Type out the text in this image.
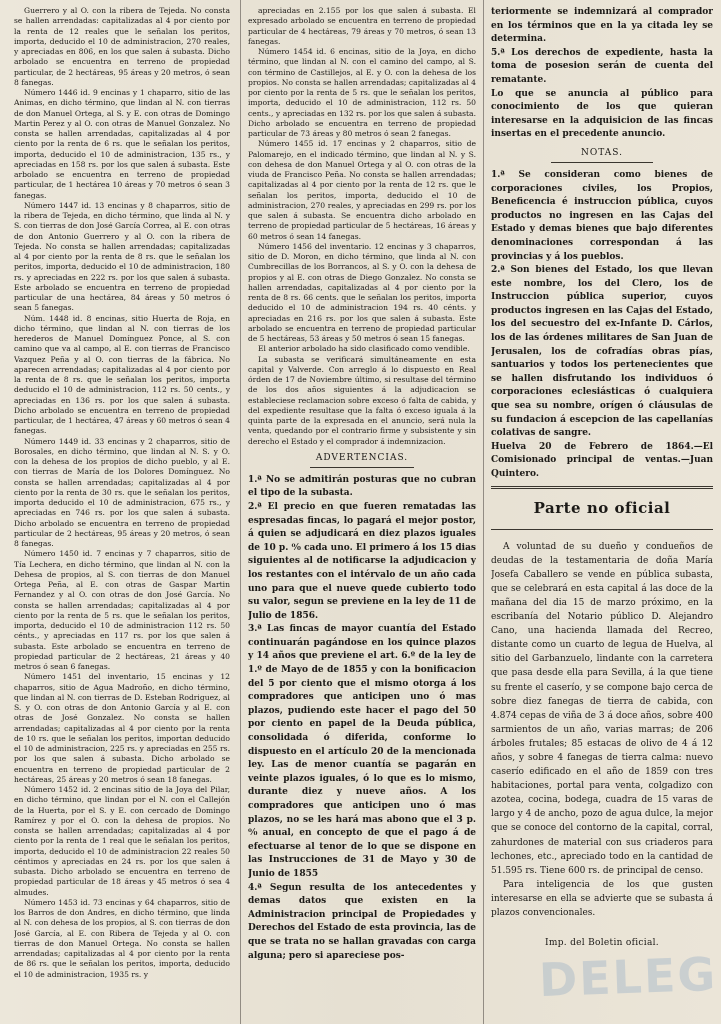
Guerrero y al O. con la ribera de Tejeda. No consta se hallen arrendadas: capitalizadas al 4 por ciento por la renta de 12 reales que le señalan los peritos, importa, deducido el 10 de administracion, 270 reales, y apreciadas en 806, en los que salen á subasta. Dicho arbolado se encuentra en terreno de propiedad particular, de 2 hectáreas, 95 áreas y 20 metros, ó sean 8 fanegas.

Número 1446 id. 9 encinas y 1 chaparro, sitio de las Animas, en dicho término, que lindan al N. con tierras de don Manuel Ortega, al S. y E. con otras de Domingo Martin Perez y al O. con otras de Manuel Gonzalez. No consta se hallen arrendadas, capitalizadas al 4 por ciento por la renta de 6 rs. que le señalan los peritos, importa, deducido el 10 de administracion, 135 rs., y apreciadas en 158 rs. por los que salen á subasta. Este arbolado se encuentra en terreno de propiedad particular, de 1 hectárea 10 áreas y 70 metros ó sean 3 fanegas.

Número 1447 id. 13 encinas y 8 chaparros, sitio de la ribera de Tejeda, en dicho término, que linda al N. y S. con tierras de don José García Correa, al E. con otras de don Antonio Guerrero y al O. con la ribera de Tejeda. No consta se hallen arrendadas; capitalizadas al 4 por ciento por la renta de 8 rs. que le señalan los peritos, importa, deducido el 10 de administracion, 180 rs. y apreciadas en 222 rs. por los que salen á subasta. Este arbolado se encuentra en terreno de propiedad particular de una hectárea, 84 áreas y 50 metros ó sean 5 fanegas.

Núm. 1448 id. 8 encinas, sitio Huerta de Roja, en dicho término, que lindan al N. con tierras de los herederos de Manuel Domínguez Ponce, al S. con camino que va al campo, al E. con tierras de Francisco Vazquez Peña y al O. con tierras de la fábrica. No aparecen arrendadas; capitalizadas al 4 por ciento por la renta de 8 rs. que le señalan los peritos, importa deducido el 10 de administracion, 112 rs. 50 cents., y apreciadas en 136 rs. por los que salen á subasta. Dicho arbolado se encuentra en terreno de propiedad particular, de 1 hectárea, 47 áreas y 60 metros ó sean 4 fanegas.

Número 1449 id. 33 encinas y 2 chaparros, sitio de Borosales, en dicho término, que lindan al N. S. y O. con la dehesa de los propios de dicho pueblo, y al E. con tierras de María de los Dolores Domínguez. No consta se hallen arrendadas; capitalizadas al 4 por ciento por la renta de 30 rs. que le señalan los peritos, importa deducido el 10 de administracion, 675 rs., y apreciadas en 746 rs. por los que salen á subasta. Dicho arbolado se encuentra en terreno de propiedad particular de 2 hectáreas, 95 áreas y 20 metros, ó sean 8 fanegas.

Número 1450 id. 7 encinas y 7 chaparros, sitio de Tía Lechera, en dicho término, que lindan al N. con la Dehesa de propios, al S. con tierras de don Manuel Ortega Peña, al E. con otras de Gaspar Martin Fernandez y al O. con otras de don José García. No consta se hallen arrendadas; capitalizadas al 4 por ciento por la renta de 5 rs. que le señalan los peritos, importa, deducido el 10 de administracion 112 rs. 50 cénts., y apreciadas en 117 rs. por los que salen á subasta. Este arbolado se encuentra en terreno de propiedad particular de 2 hectáreas, 21 áreas y 40 metros ó sean 6 fanegas.

Número 1451 del inventario, 15 encinas y 12 chaparros, sitio de Agua Madroño, en dicho término, que lindan al N. con tierras de D. Esteban Rodriguez, al S. y O. con otras de don Antonio García y al E. con otras de José Gonzalez. No consta se hallen arrendadas; capitalizadas al 4 por ciento por la renta de 10 rs. que le señalan los peritos, importan deducido el 10 de administracion, 225 rs. y apreciadas en 255 rs. por los que salen á subasta. Dicho arbolado se encuentra en terreno de propiedad particular de 2 hectáreas, 25 áreas y 20 metros ó sean 18 fanegas.

Número 1452 id. 2 encinas sitio de la Joya del Pilar, en dicho término, que lindan por el N. con el Callejón de la Huerta, por el S. y E. con cercado de Domingo Ramírez y por el O. con la dehesa de propios. No consta se hallen arrendadas; capitalizadas al 4 por ciento por la renta de 1 real que le señalan los peritos, importa, deducido el 10 de administracion 22 reales 50 céntimos y apreciadas en 24 rs. por los que salen á subasta. Dicho arbolado se encuentra en terreno de propiedad particular de 18 áreas y 45 metros ó sea 4 almudes.

Número 1453 id. 73 encinas y 64 chaparros, sitio de los Barros de don Andres, en dicho término, que linda al N. con dehesa de los propios, al S. con tierras de don José García, al E. con Ribera de Tejeda y al O. con tierras de don Manuel Ortega. No consta se hallen arrendadas; capitalizadas al 4 por ciento por la renta de 86 rs. que le señalan los peritos, importa, deducido el 10 de administracion, 1935 rs. y

apreciadas en 2.155 por los que salen á subasta. El expresado arbolado se encuentra en terreno de propiedad particular de 4 hectáreas, 79 áreas y 70 metros, ó sean 13 fanegas.

Número 1454 id. 6 encinas, sitio de la Joya, en dicho término, que lindan al N. con el camino del campo, al S. con término de Castillejos, al E. y O. con la dehesa de los propios. No consta se hallen arrendadas; capitalizadas al 4 por ciento por la renta de 5 rs. que le señalan los peritos, importa, deducido el 10 de administracion, 112 rs. 50 cents., y apreciadas en 132 rs. por los que salen á subasta. Dicho arbolado se encuentra en terreno de propiedad particular de 73 áreas y 80 metros ó sean 2 fanegas.

Número 1455 id. 17 encinas y 2 chaparros, sitio de Palomarejo, en el indicado término, que lindan al N. y S. con dehesa de don Manuel Ortega y al O. con otras de la viuda de Francisco Peña. No consta se hallen arrendadas; capitalizadas al 4 por ciento por la renta de 12 rs. que le señalan los peritos, importa, deducido el 10 de administracion, 270 reales, y apreciadas en 299 rs. por los que salen á subasta. Se encuentra dicho arbolado en terreno de propiedad particular de 5 hectáreas, 16 áreas y 60 metros ó sean 14 fanegas.

Número 1456 del inventario. 12 encinas y 3 chaparros, sitio de D. Moron, en dicho término, que linda al N. con Cumbrecillas de los Borrancos, al S. y O. con la dehesa de propios y al E. con otras de Diego Gonzalez. No consta se hallen arrendadas, capitalizadas al 4 por ciento por la renta de 8 rs. 66 cents. que le señalan los peritos, importa deducido el 10 de administracion 194 rs. 40 cénts. y apreciadas en 216 rs. por los que salen á subasta. Este arbolado se encuentra en terreno de propiedad particular de 5 hectáreas, 53 áreas y 50 metros ó sean 15 fanegas.

El anterior arbolado ha sido clasificado como vendible.

La subasta se verificará simultáneamente en esta capital y Valverde. Con arreglo á lo dispuesto en Real órden de 17 de Noviembre último, si resultase del término de los dos años siguientes á la adjudicacion se estableciese reclamacion sobre exceso ó falta de cabida, y del expediente resultase que la falta ó exceso iguala á la quinta parte de la expresada en el anuncio, será nula la venta, quedando por el contrario firme y subsistente y sin derecho el Estado y el comprador á indemnizacion.

ADVERTENCIAS.

1.ª No se admitirán posturas que no cubran el tipo de la subasta.

2.ª El precio en que fueren rematadas las espresadas fincas, lo pagará el mejor postor, á quien se adjudicará en diez plazos iguales de 10 p. ⁰⁄₀ cada uno. El primero á los 15 dias siguientes al de notificarse la adjudicacion y los restantes con el intérvalo de un año cada uno para que el nueve quede cubierto todo su valor, segun se previene en la ley de 11 de Julio de 1856.

3.ª Las fincas de mayor cuantía del Estado continuarán pagándose en los quince plazos y 14 años que previene el art. 6.º de la ley de 1.º de Mayo de de 1855 y con la bonificacion del 5 por ciento que el mismo otorga á los compradores que anticipen uno ó mas plazos, pudiendo este hacer el pago del 50 por ciento en papel de la Deuda pública, consolidada ó diferida, conforme lo dispuesto en el artículo 20 de la mencionada ley. Las de menor cuantía se pagarán en veinte plazos iguales, ó lo que es lo mismo, durante diez y nueve años. A los compradores que anticipen uno ó mas plazos, no se les hará mas abono que el 3 p. ⁰⁄₀ anual, en concepto de que el pago á de efectuarse al tenor de lo que se dispone en las Instrucciones de 31 de Mayo y 30 de Junio de 1855

4.ª Segun resulta de los antecedentes y demas datos que existen en la Administracion principal de Propiedades y Derechos del Estado de esta provincia, las de que se trata no se hallan gravadas con carga alguna; pero si apareciese pos-

teriormente se indemnizará al comprador en los términos que en la ya citada ley se determina.

5.ª Los derechos de expediente, hasta la toma de posesion serán de cuenta del rematante.

Lo que se anuncia al público para conocimiento de los que quieran interesarse en la adquisicion de las fincas insertas en el precedente anuncio.

NOTAS.

1.ª Se consideran como bienes de corporaciones civiles, los Propios, Beneficencia é instruccion pública, cuyos productos no ingresen en las Cajas del Estado y demas bienes que bajo diferentes denominaciones correspondan á las provincias y á los pueblos.

2.ª Son bienes del Estado, los que llevan este nombre, los del Clero, los de Instruccion pública superior, cuyos productos ingresen en las Cajas del Estado, los del secuestro del ex-Infante D. Cárlos, los de las órdenes militares de San Juan de Jerusalen, los de cofradías obras pías, santuarios y todos los pertenecientes que se hallen disfrutando los individuos ó corporaciones eclesiásticas ó cualquiera que sea su nombre, orígen ó cláusulas de su fundacion á escepcion de las capellanías colativas de sangre.

Huelva 20 de Febrero de 1864.—El Comisionado principal de ventas.—Juan Quintero.

Parte no oficial

A voluntad de su dueño y condueños de deudas de la testamentaria de doña María Josefa Caballero se vende en pública subasta, que se celebrará en esta capital á las doce de la mañana del dia 15 de marzo próximo, en la escribanía del Notario público D. Alejandro Cano, una hacienda llamada del Recreo, distante como un cuarto de legua de Huelva, al sitio del Garbanzuelo, lindante con la carretera que pasa desde ella para Sevilla, á la que tiene su frente el caserío, y se compone bajo cerca de sobre diez fanegas de tierra de cabida, con 4.874 cepas de viña de 3 á doce años, sobre 400 sarmientos de un año, varias marras; de 206 árboles frutales; 85 estacas de olivo de 4 á 12 años, y sobre 4 fanegas de tierra calma: nuevo caserío edificado en el año de 1859 con tres habitaciones, portal para venta, colgadizo con azotea, cocina, bodega, cuadra de 15 varas de largo y 4 de ancho, pozo de agua dulce, la mejor que se conoce del contorno de la capital, corral, zahurdones de material con sus criaderos para lechones, etc., apreciado todo en la cantidad de 51.595 rs. Tiene 600 rs. de principal de censo.

Para inteligencia de los que gusten interesarse en ella se advierte que se subasta á plazos convencionales.

Imp. del Boletin oficial.
DELEG
